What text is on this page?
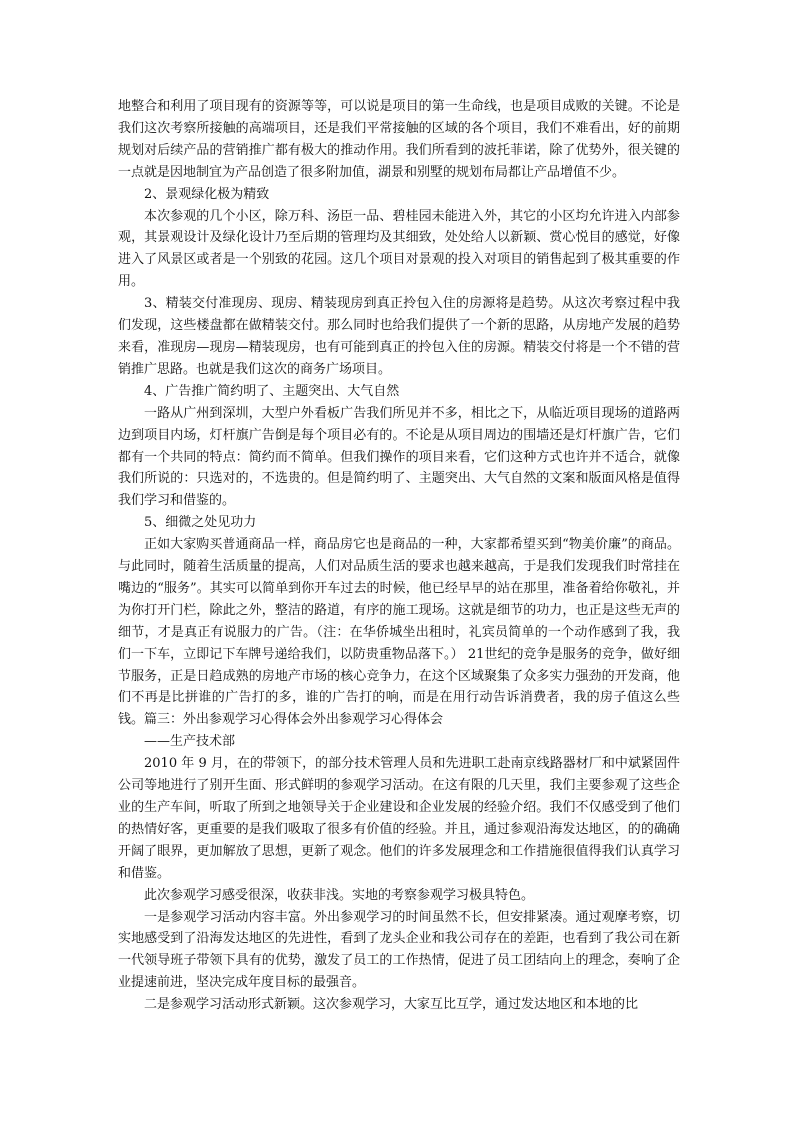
地整合和利用了项目现有的资源等等，可以说是项目的第一生命线，也是项目成败的关键。不论是我们这次考察所接触的高端项目，还是我们平常接触的区域的各个项目，我们不难看出，好的前期规划对后续产品的营销推广都有极大的推动作用。我们所看到的波托菲诺，除了优势外，很关键的一点就是因地制宜为产品创造了很多附加值，湖景和别墅的规划布局都让产品增值不少。

2、景观绿化极为精致

本次参观的几个小区，除万科、汤臣一品、碧桂园未能进入外，其它的小区均允许进入内部参观，其景观设计及绿化设计乃至后期的管理均及其细致，处处给人以新颖、赏心悦目的感觉，好像进入了风景区或者是一个别致的花园。这几个项目对景观的投入对项目的销售起到了极其重要的作用。

3、精装交付准现房、现房、精装现房到真正拎包入住的房源将是趋势。从这次考察过程中我们发现，这些楼盘都在做精装交付。那么同时也给我们提供了一个新的思路，从房地产发展的趋势来看，准现房—现房—精装现房，也有可能到真正的拎包入住的房源。精装交付将是一个不错的营销推广思路。也就是我们这次的商务广场项目。

4、广告推广简约明了、主题突出、大气自然

一路从广州到深圳，大型户外看板广告我们所见并不多，相比之下，从临近项目现场的道路两边到项目内场，灯杆旗广告倒是每个项目必有的。不论是从项目周边的围墙还是灯杆旗广告，它们都有一个共同的特点：简约而不简单。但我们操作的项目来看，它们这种方式也许并不适合，就像我们所说的：只选对的，不选贵的。但是简约明了、主题突出、大气自然的文案和版面风格是值得我们学习和借鉴的。

5、细微之处见功力

正如大家购买普通商品一样，商品房它也是商品的一种，大家都希望买到“物美价廉”的商品。与此同时，随着生活质量的提高，人们对品质生活的要求也越来越高，于是我们发现我们时常挂在嘴边的“服务”。其实可以简单到你开车过去的时候，他已经早早的站在那里，准备着给你敬礼，并为你打开门栏，除此之外，整洁的路道，有序的施工现场。这就是细节的功力，也正是这些无声的细节，才是真正有说服力的广告。（注：在华侨城坐出租时，礼宾员简单的一个动作感到了我，我们一下车，立即记下车牌号递给我们，以防贵重物品落下。） 21世纪的竞争是服务的竞争，做好细节服务，正是日趋成熟的房地产市场的核心竞争力，在这个区域聚集了众多实力强劲的开发商，他们不再是比拼谁的广告打的多，谁的广告打的响，而是在用行动告诉消费者，我的房子值这么些钱。篇三：外出参观学习心得体会外出参观学习心得体会

——生产技术部

2010 年 9 月，在的带领下，的部分技术管理人员和先进职工赴南京线路器材厂和中斌紧固件公司等地进行了别开生面、形式鲜明的参观学习活动。在这有限的几天里，我们主要参观了这些企业的生产车间，听取了所到之地领导关于企业建设和企业发展的经验介绍。我们不仅感受到了他们的热情好客，更重要的是我们吸取了很多有价值的经验。并且，通过参观沿海发达地区，的的确确开阔了眼界，更加解放了思想，更新了观念。他们的许多发展理念和工作措施很值得我们认真学习和借鉴。

此次参观学习感受很深，收获非浅。实地的考察参观学习极具特色。

一是参观学习活动内容丰富。外出参观学习的时间虽然不长，但安排紧凑。通过观摩考察，切实地感受到了沿海发达地区的先进性，看到了龙头企业和我公司存在的差距，也看到了我公司在新一代领导班子带领下具有的优势，激发了员工的工作热情，促进了员工团结向上的理念，奏响了企业提速前进，坚决完成年度目标的最强音。

二是参观学习活动形式新颖。这次参观学习，大家互比互学，通过发达地区和本地的比
